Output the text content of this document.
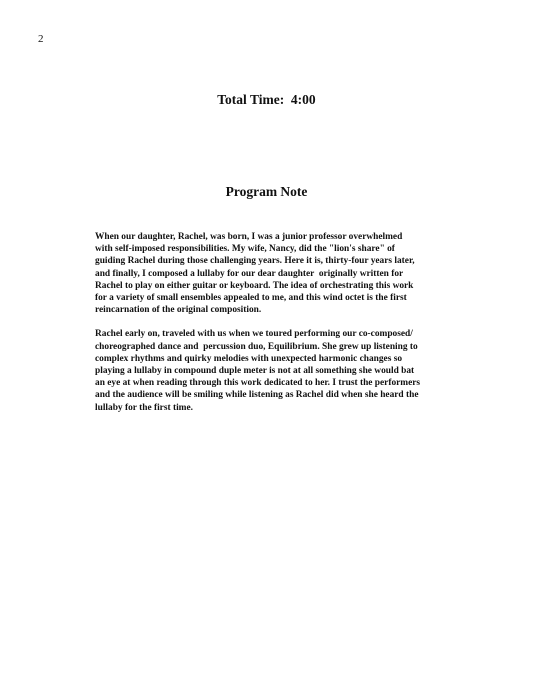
2
Total Time:  4:00
Program Note

When our daughter, Rachel, was born, I was a junior professor overwhelmed
with self-imposed responsibilities. My wife, Nancy, did the "lion's share" of
guiding Rachel during those challenging years. Here it is, thirty-four years later,
and finally, I composed a lullaby for our dear daughter  originally written for
Rachel to play on either guitar or keyboard. The idea of orchestrating this work
for a variety of small ensembles appealed to me, and this wind octet is the first
reincarnation of the original composition.

Rachel early on, traveled with us when we toured performing our co-composed/
choreographed dance and  percussion duo, Equilibrium. She grew up listening to
complex rhythms and quirky melodies with unexpected harmonic changes so
playing a lullaby in compound duple meter is not at all something she would bat
an eye at when reading through this work dedicated to her. I trust the performers
and the audience will be smiling while listening as Rachel did when she heard the
lullaby for the first time.
